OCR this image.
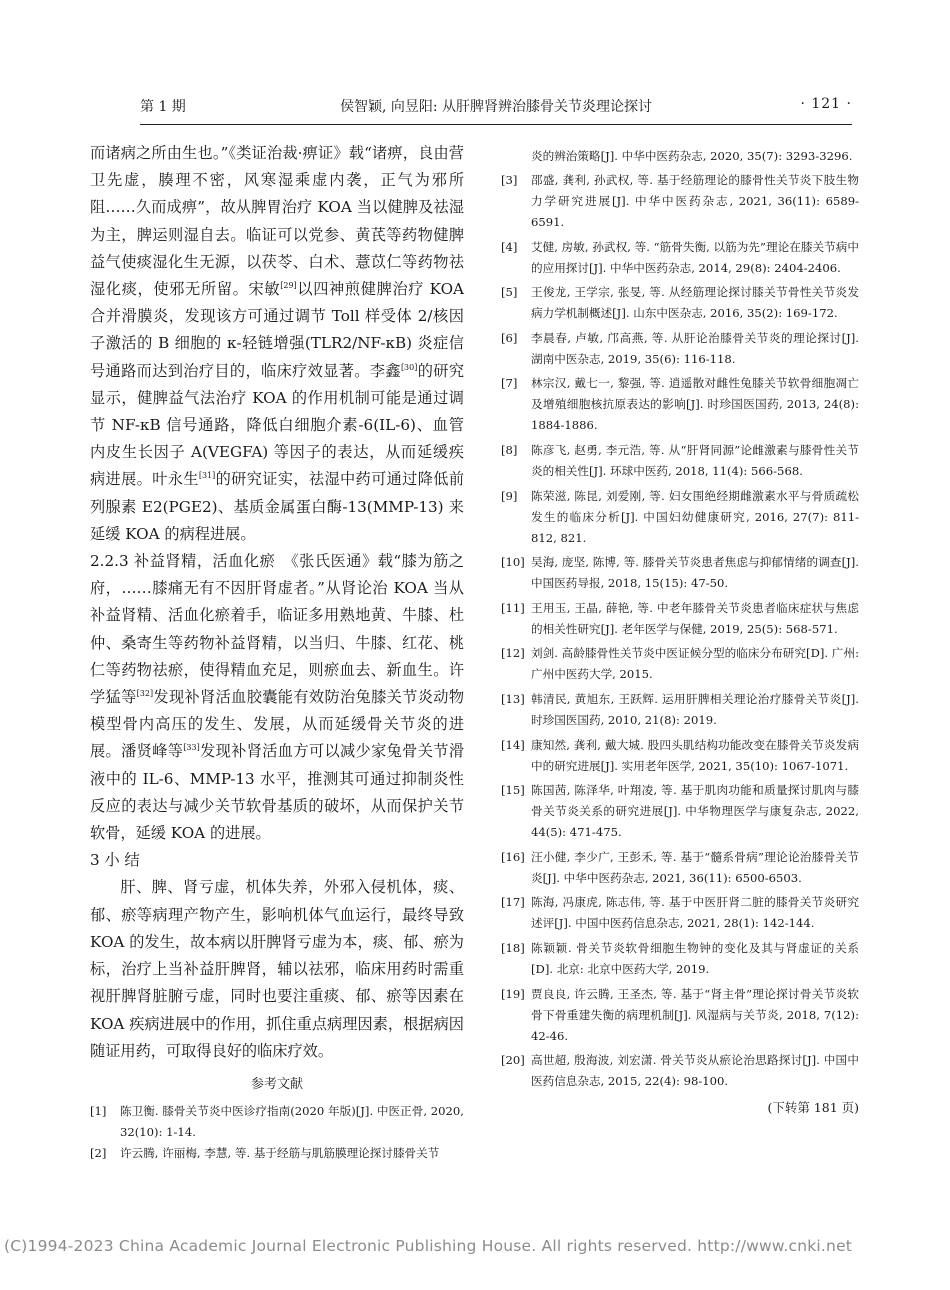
第 1 期	侯智颖, 向昱阳: 从肝脾肾辨治膝骨关节炎理论探讨	· 121 ·

而诸病之所由生也。”《类证治裁·痹证》载“诸痹，良由营卫先虚，腠理不密，风寒湿乘虚内袭，正气为邪所阻……久而成痹”，故从脾胃治疗 KOA 当以健脾及祛湿为主，脾运则湿自去。临证可以党参、黄芪等药物健脾益气使痰湿化生无源，以茯苓、白术、薏苡仁等药物祛湿化痰，使邪无所留。宋敏[29]以四神煎健脾治疗 KOA 合并滑膜炎，发现该方可通过调节 Toll 样受体 2/核因子激活的 B 细胞的 κ-轻链增强(TLR2/NF-κB) 炎症信号通路而达到治疗目的，临床疗效显著。李鑫[30]的研究显示，健脾益气法治疗 KOA 的作用机制可能是通过调节 NF-κB 信号通路，降低白细胞介素-6(IL-6)、血管内皮生长因子 A(VEGFA) 等因子的表达，从而延缓疾病进展。叶永生[31]的研究证实，祛湿中药可通过降低前列腺素 E2(PGE2)、基质金属蛋白酶-13(MMP-13) 来延缓 KOA 的病程进展。

2.2.3 补益肾精，活血化瘀　 《张氏医通》载“膝为筋之府，……膝痛无有不因肝肾虚者。”从肾论治 KOA 当从补益肾精、活血化瘀着手，临证多用熟地黄、牛膝、杜仲、桑寄生等药物补益肾精，以当归、牛膝、红花、桃仁等药物祛瘀，使得精血充足，则瘀血去、新血生。许学猛等[32]发现补肾活血胶囊能有效防治兔膝关节炎动物模型骨内高压的发生、发展，从而延缓骨关节炎的进展。潘贤峰等[33]发现补肾活血方可以减少家兔骨关节滑液中的 IL-6、MMP-13 水平，推测其可通过抑制炎性反应的表达与减少关节软骨基质的破坏，从而保护关节软骨，延缓 KOA 的进展。

3 小 结

肝、脾、肾亏虚，机体失养，外邪入侵机体，痰、郁、瘀等病理产物产生，影响机体气血运行，最终导致 KOA 的发生，故本病以肝脾肾亏虚为本，痰、郁、瘀为标，治疗上当补益肝脾肾，辅以祛邪，临床用药时需重视肝脾肾脏腑亏虚，同时也要注重痰、郁、瘀等因素在 KOA 疾病进展中的作用，抓住重点病理因素，根据病因随证用药，可取得良好的临床疗效。

参考文献
[1]	陈卫衡. 膝骨关节炎中医诊疗指南(2020 年版)[J]. 中医正骨, 2020, 32(10): 1-14.
[2]	许云腾, 许丽梅, 李慧, 等. 基于经筋与肌筋膜理论探讨膝骨关节
炎的辨治策略[J]. 中华中医药杂志, 2020, 35(7): 3293-3296.
[3]	邵盛, 龚利, 孙武权, 等. 基于经筋理论的膝骨性关节炎下肢生物力学研究进展[J]. 中华中医药杂志, 2021, 36(11): 6589-6591.
[4]	艾健, 房敏, 孙武权, 等. “筋骨失衡, 以筋为先”理论在膝关节病中的应用探讨[J]. 中华中医药杂志, 2014, 29(8): 2404-2406.
[5]	王俊龙, 王学宗, 张旻, 等. 从经筋理论探讨膝关节骨性关节炎发病力学机制概述[J]. 山东中医杂志, 2016, 35(2): 169-172.
[6]	李晨春, 卢敏, 邝高燕, 等. 从肝论治膝骨关节炎的理论探讨[J]. 湖南中医杂志, 2019, 35(6): 116-118.
[7]	林宗汉, 戴七一, 黎强, 等. 逍遥散对雌性兔膝关节软骨细胞凋亡及增殖细胞核抗原表达的影响[J]. 时珍国医国药, 2013, 24(8): 1884-1886.
[8]	陈彦飞, 赵勇, 李元浩, 等. 从“肝肾同源”论雌激素与膝骨性关节炎的相关性[J]. 环球中医药, 2018, 11(4): 566-568.
[9]	陈荣滋, 陈昆, 刘爱刚, 等. 妇女围绝经期雌激素水平与骨质疏松发生的临床分析[J]. 中国妇幼健康研究, 2016, 27(7): 811-812, 821.
[10] 吴海, 庞坚, 陈博, 等. 膝骨关节炎患者焦虑与抑郁情绪的调查[J]. 中国医药导报, 2018, 15(15): 47-50.
[11] 王用玉, 王晶, 薛艳, 等. 中老年膝骨关节炎患者临床症状与焦虑的相关性研究[J]. 老年医学与保健, 2019, 25(5): 568-571.
[12] 刘剑. 高龄膝骨性关节炎中医证候分型的临床分布研究[D]. 广州: 广州中医药大学, 2015.
[13] 韩清民, 黄旭东, 王跃辉. 运用肝脾相关理论治疗膝骨关节炎[J]. 时珍国医国药, 2010, 21(8): 2019.
[14] 康知然, 龚利, 戴大城. 股四头肌结构功能改变在膝骨关节炎发病中的研究进展[J]. 实用老年医学, 2021, 35(10): 1067-1071.
[15] 陈国茜, 陈泽华, 叶翔凌, 等. 基于肌肉功能和质量探讨肌肉与膝骨关节炎关系的研究进展[J]. 中华物理医学与康复杂志, 2022, 44(5): 471-475.
[16] 汪小健, 李少广, 王彭禾, 等. 基于“髓系骨病”理论论治膝骨关节炎[J]. 中华中医药杂志, 2021, 36(11): 6500-6503.
[17] 陈海, 冯康虎, 陈志伟, 等. 基于中医肝肾二脏的膝骨关节炎研究述评[J]. 中国中医药信息杂志, 2021, 28(1): 142-144.
[18] 陈颖颖. 骨关节炎软骨细胞生物钟的变化及其与肾虚证的关系[D]. 北京: 北京中医药大学, 2019.
[19] 贾良良, 许云腾, 王圣杰, 等. 基于“肾主骨”理论探讨骨关节炎软骨下骨重建失衡的病理机制[J]. 风湿病与关节炎, 2018, 7(12): 42-46.
[20] 高世超, 殷海波, 刘宏潇. 骨关节炎从瘀论治思路探讨[J]. 中国中医药信息杂志, 2015, 22(4): 98-100.
(下转第 181 页)
(C)1994-2023 China Academic Journal Electronic Publishing House. All rights reserved. http://www.cnki.net
